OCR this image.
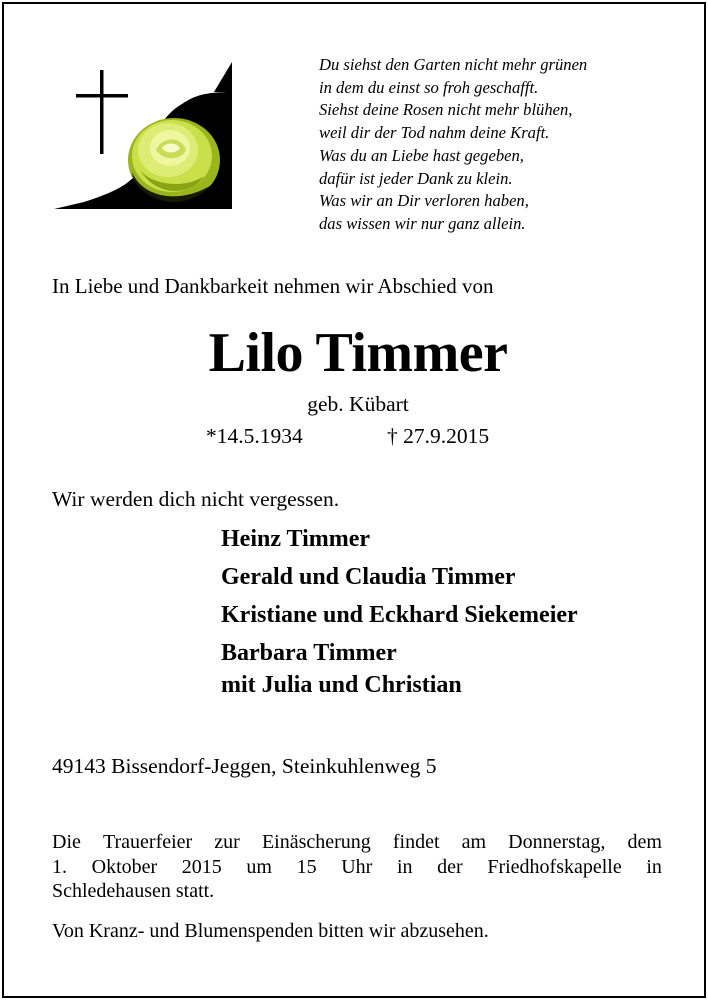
Du siehst den Garten nicht mehr grünen
in dem du einst so froh geschafft.
Siehst deine Rosen nicht mehr blühen,
weil dir der Tod nahm deine Kraft.
Was du an Liebe hast gegeben,
dafür ist jeder Dank zu klein.
Was wir an Dir verloren haben,
das wissen wir nur ganz allein.
In Liebe und Dankbarkeit nehmen wir Abschied von
Lilo Timmer
geb. Kübart
*14.5.1934	† 27.9.2015
Wir werden dich nicht vergessen.
Heinz Timmer
Gerald und Claudia Timmer
Kristiane und Eckhard Siekemeier
Barbara Timmer
mit Julia und Christian
49143 Bissendorf-Jeggen, Steinkuhlenweg 5
Die Trauerfeier zur Einäscherung findet am Donnerstag, dem
1. Oktober 2015 um 15 Uhr in der Friedhofskapelle in
Schledehausen statt.
Von Kranz- und Blumenspenden bitten wir abzusehen.
